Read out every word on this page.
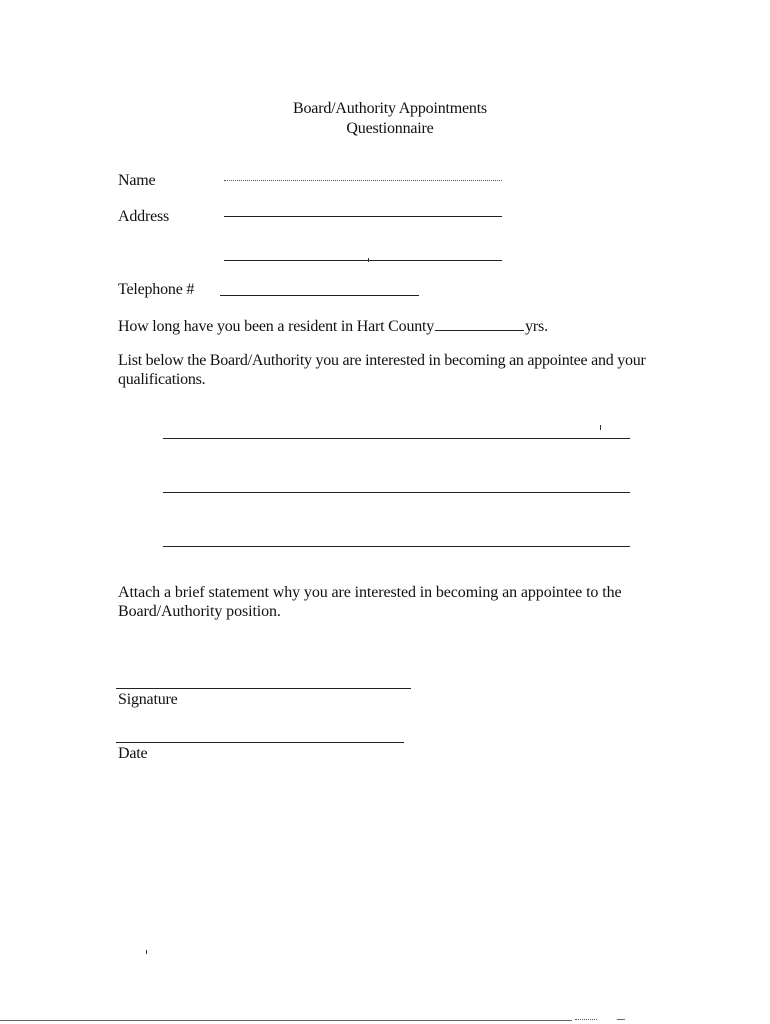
Board/Authority Appointments
Questionnaire
Name
Address
Telephone #
How long have you been a resident in Hart County	yrs.
List below the Board/Authority you are interested in becoming an appointee and your qualifications.
Attach a brief statement why you are interested in becoming an appointee to the Board/Authority position.
Signature
Date
